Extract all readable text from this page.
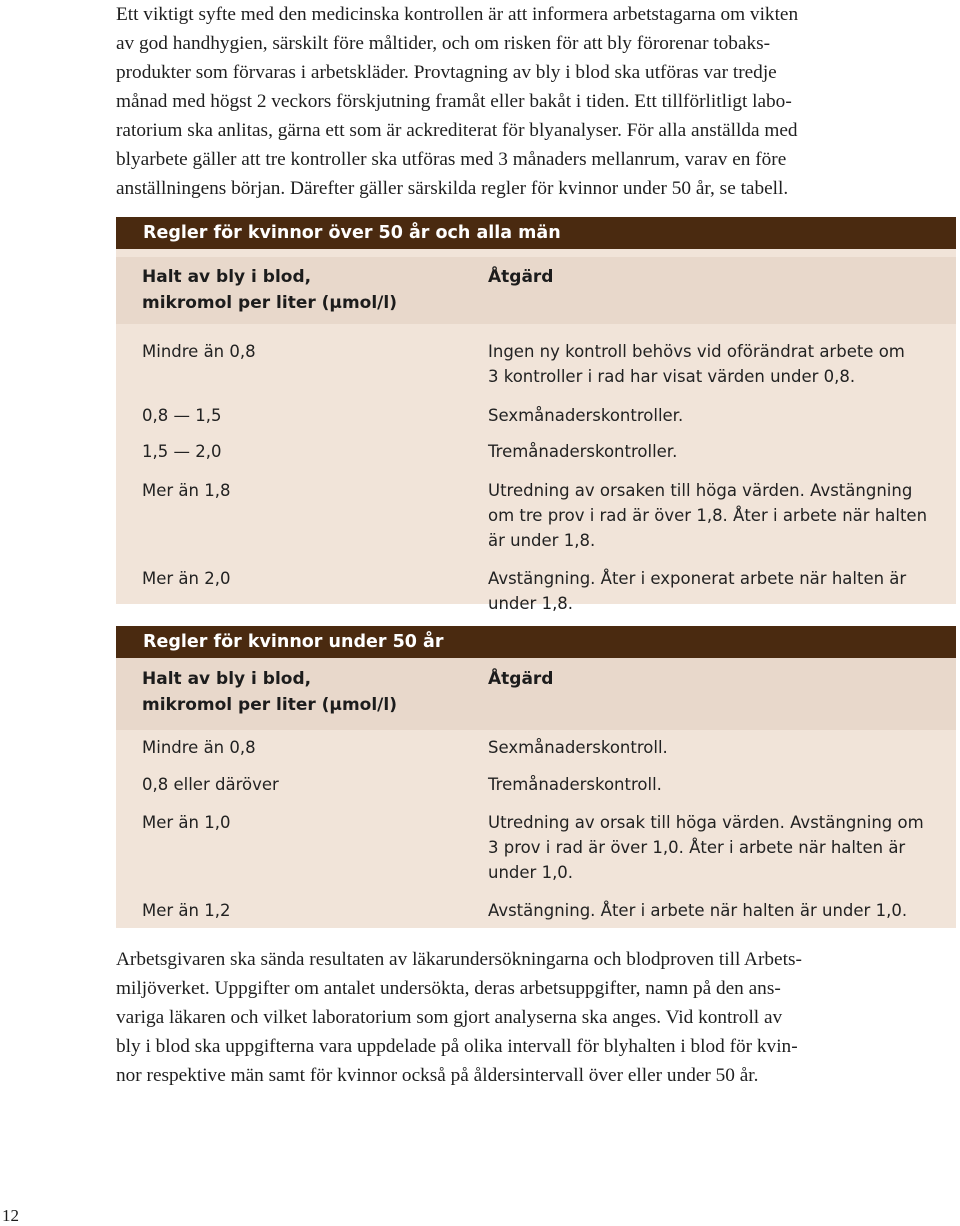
Ett viktigt syfte med den medicinska kontrollen är att informera arbetstagarna om vikten
av god handhygien, särskilt före måltider, och om risken för att bly förorenar tobaks-
produkter som förvaras i arbetskläder. Provtagning av bly i blod ska utföras var tredje
månad med högst 2 veckors förskjutning framåt eller bakåt i tiden. Ett tillförlitligt labo-
ratorium ska anlitas, gärna ett som är ackrediterat för blyanalyser. För alla anställda med
blyarbete gäller att tre kontroller ska utföras med 3 månaders mellanrum, varav en före
anställningens början. Därefter gäller särskilda regler för kvinnor under 50 år, se tabell.

Regler för kvinnor över 50 år och alla män
Halt av bly i blod,
mikromol per liter (µmol/l)
Åtgärd
Mindre än 0,8	Ingen ny kontroll behövs vid oförändrat arbete om
3 kontroller i rad har visat värden under 0,8.
0,8 — 1,5	Sexmånaderskontroller.
1,5 — 2,0	Tremånaderskontroller.
Mer än 1,8	Utredning av orsaken till höga värden. Avstängning
om tre prov i rad är över 1,8. Åter i arbete när halten
är under 1,8.
Mer än 2,0	Avstängning. Åter i exponerat arbete när halten är
under 1,8.
Regler för kvinnor under 50 år
Halt av bly i blod,
mikromol per liter (µmol/l)
Åtgärd
Mindre än 0,8	Sexmånaderskontroll.
0,8 eller däröver	Tremånaderskontroll.
Mer än 1,0	Utredning av orsak till höga värden. Avstängning om
3 prov i rad är över 1,0. Åter i arbete när halten är
under 1,0.
Mer än 1,2	Avstängning. Åter i arbete när halten är under 1,0.

Arbetsgivaren ska sända resultaten av läkarundersökningarna och blodproven till Arbets-
miljöverket. Uppgifter om antalet undersökta, deras arbetsuppgifter, namn på den ans-
variga läkaren och vilket laboratorium som gjort analyserna ska anges. Vid kontroll av
bly i blod ska uppgifterna vara uppdelade på olika intervall för blyhalten i blod för kvin-
nor respektive män samt för kvinnor också på åldersintervall över eller under 50 år.

12
